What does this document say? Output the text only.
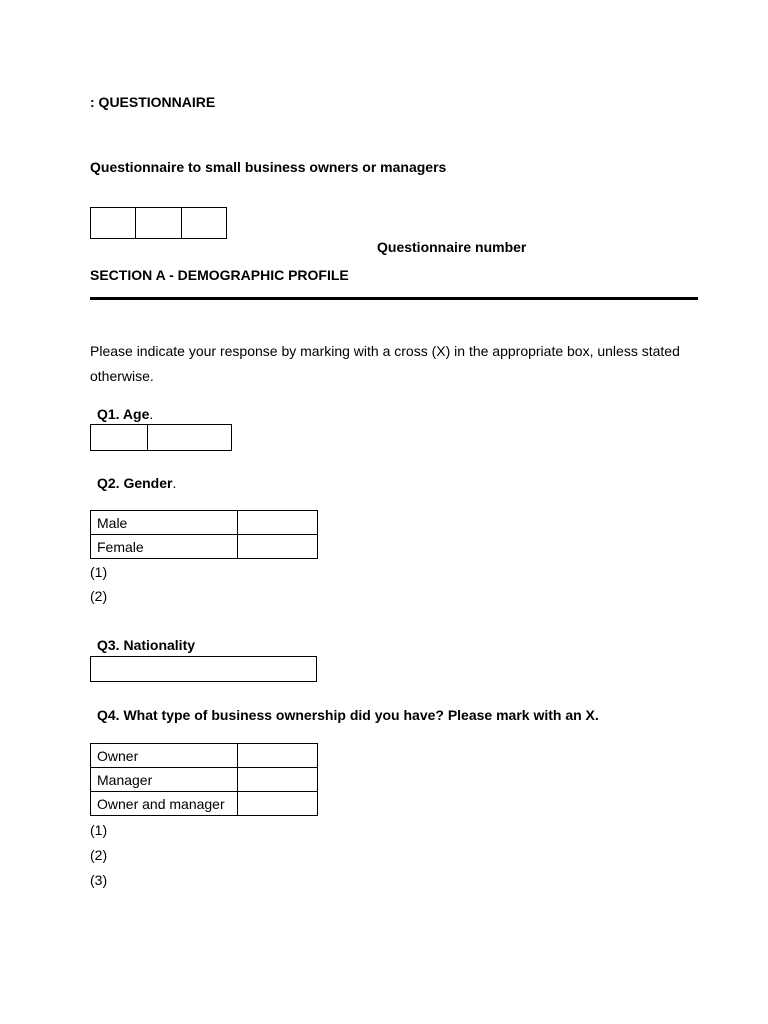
: QUESTIONNAIRE
Questionnaire to small business owners or managers
Questionnaire number
SECTION A - DEMOGRAPHIC PROFILE
Please indicate your response by marking with a cross (X) in the appropriate box, unless stated
otherwise.
Q1. Age.
Q2. Gender.
Male	
Female	
(1)
(2)
Q3. Nationality
Q4. What type of business ownership did you have? Please mark with an X.
Owner	
Manager	
Owner and manager	
(1)
(2)
(3)
